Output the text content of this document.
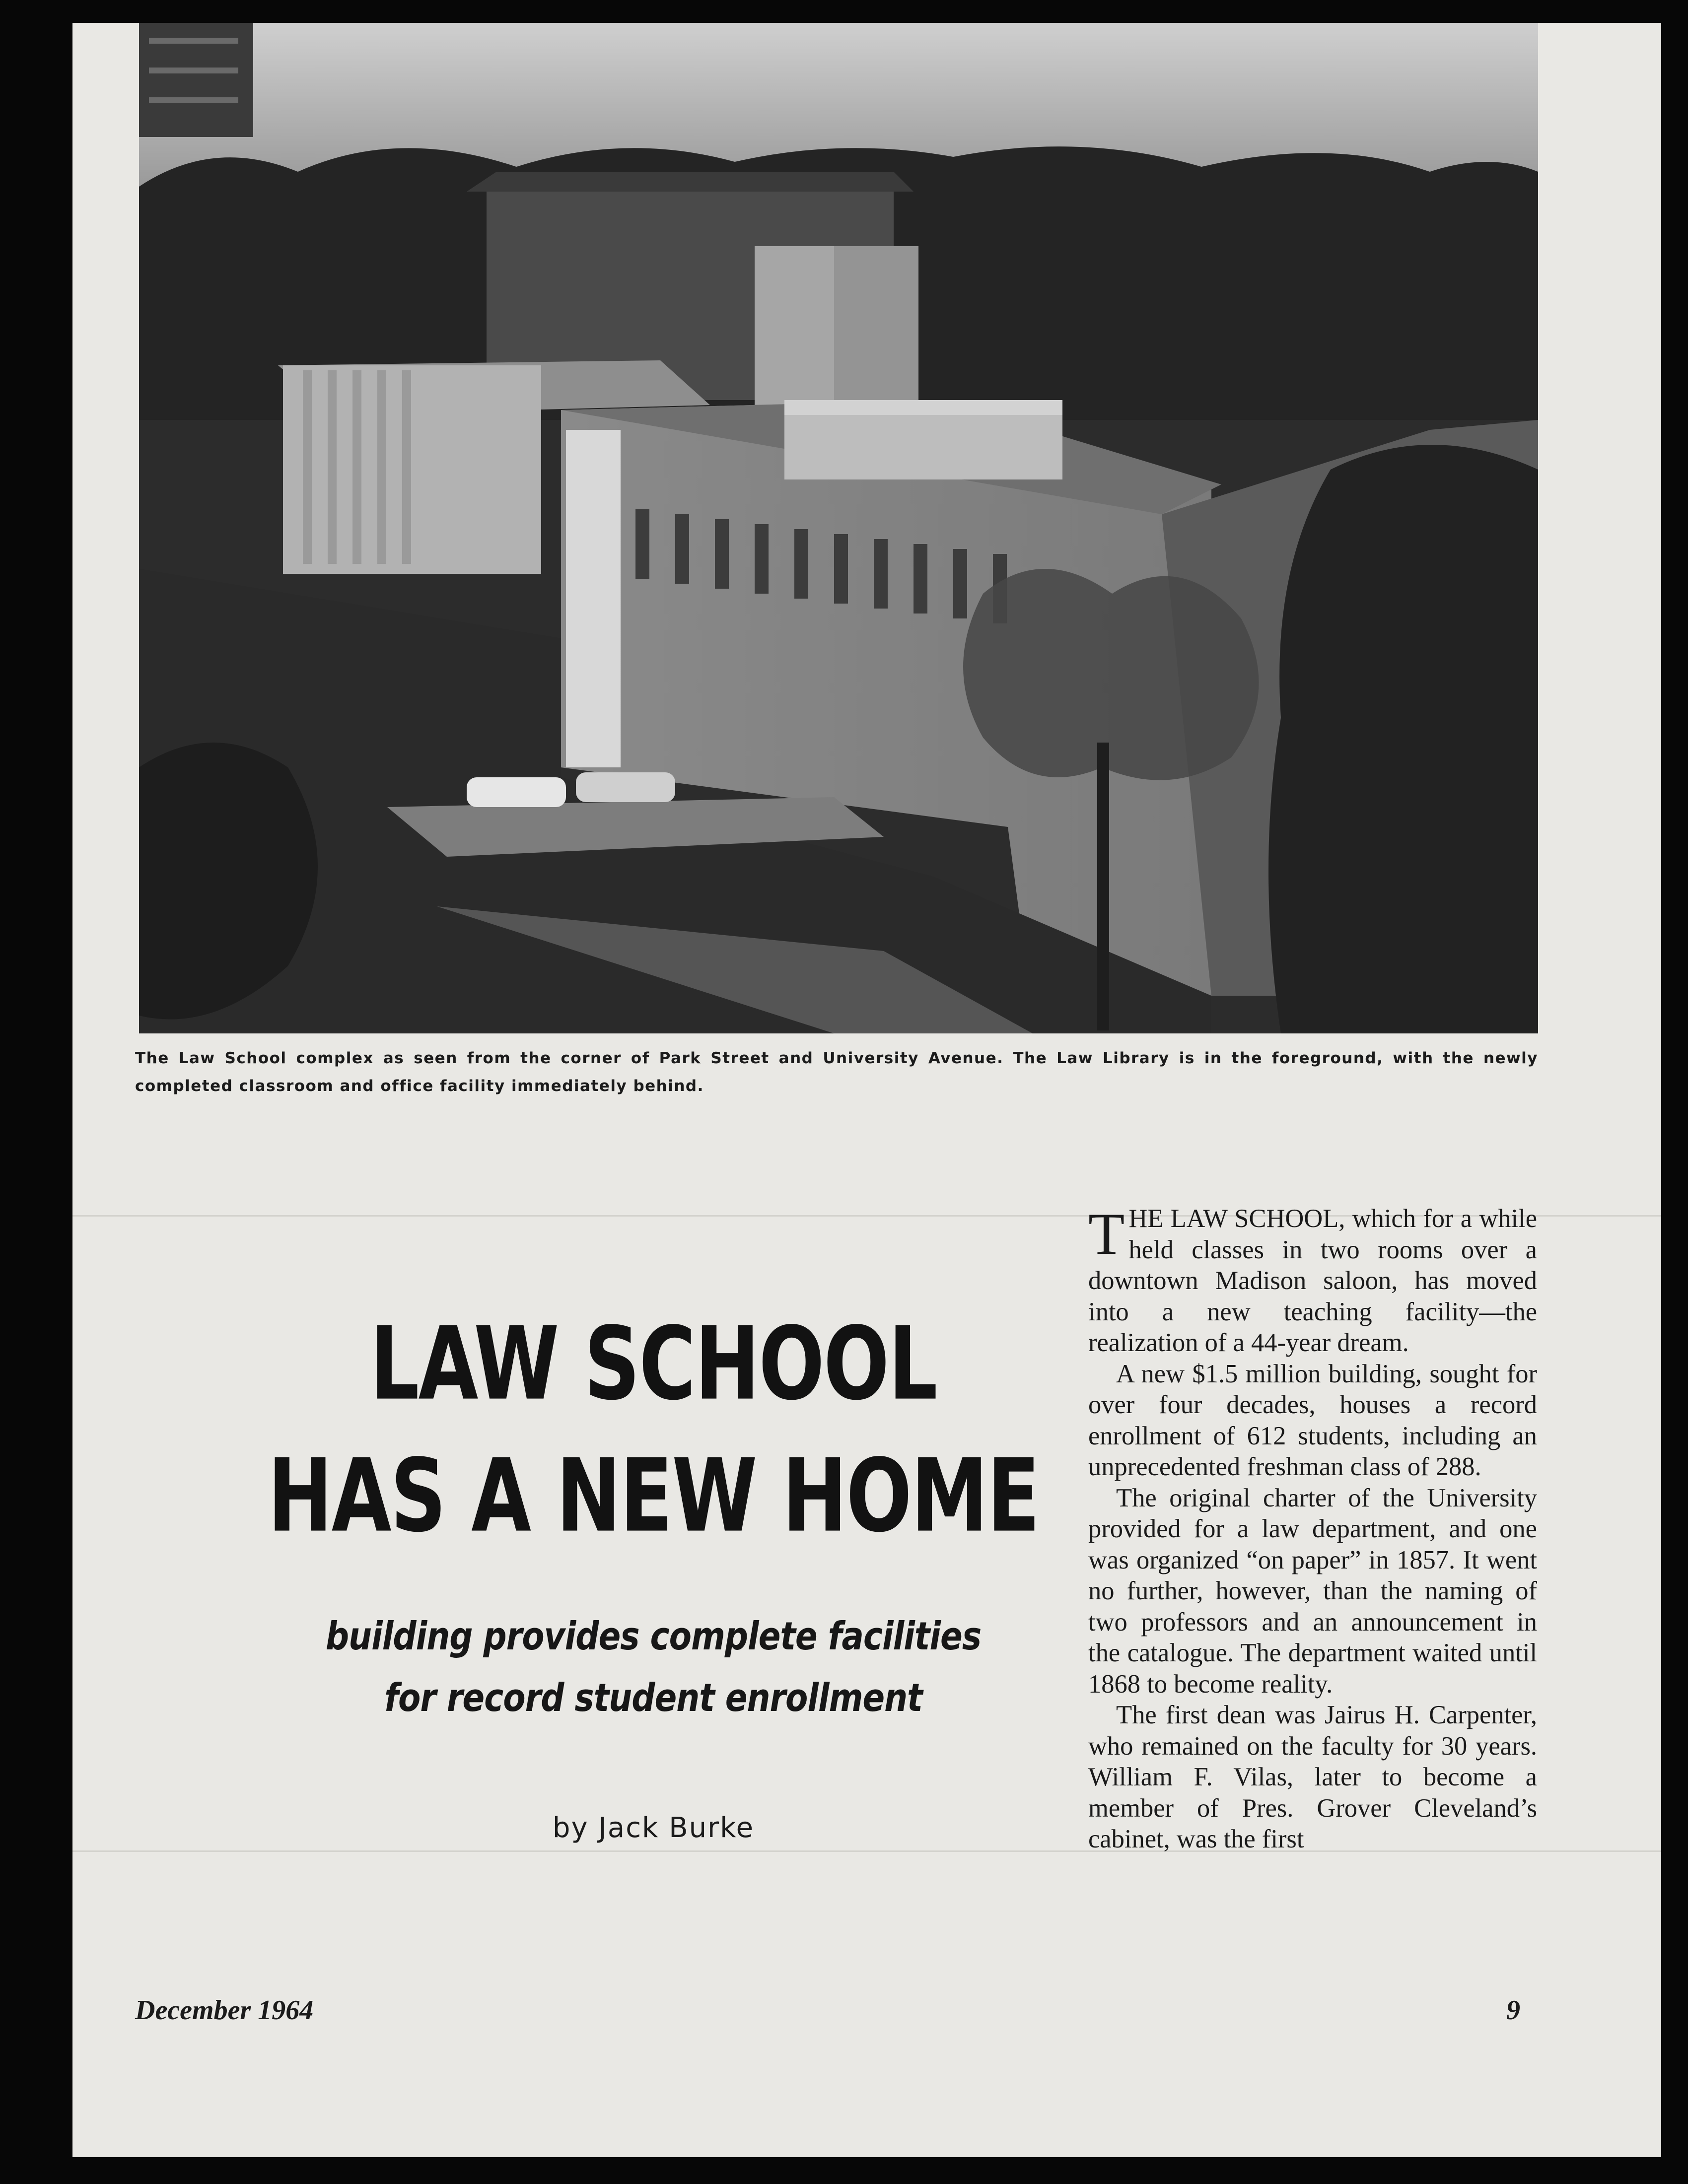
The Law School complex as seen from the corner of Park Street and University Avenue. The Law Library is in the foreground, with the newly completed classroom and office facility immediately behind.
LAW SCHOOL
HAS A NEW HOME
building provides complete facilities
for record student enrollment
by Jack Burke

THE LAW SCHOOL, which for a while held classes in two rooms over a downtown Madison saloon, has moved into a new teaching facility—the realization of a 44-year dream.

A new $1.5 million building, sought for over four decades, houses a record enrollment of 612 students, including an unprecedented freshman class of 288.

The original charter of the University provided for a law department, and one was organized “on paper” in 1857. It went no further, however, than the naming of two professors and an announcement in the catalogue. The department waited until 1868 to become reality.

The first dean was Jairus H. Carpenter, who remained on the faculty for 30 years. William F. Vilas, later to become a member of Pres. Grover Cleveland’s cabinet, was the first

December 1964	9
